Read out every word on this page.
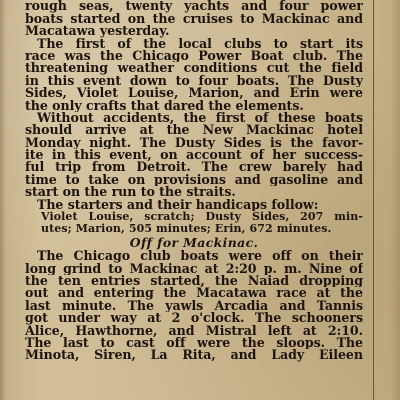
rough seas, twenty yachts and four power
boats started on the cruises to Mackinac and
Macatawa yesterday.
The first of the local clubs to start its
race was the Chicago Power Boat club. The
threatening weather conditions cut the field
in this event down to four boats. The Dusty
Sides, Violet Louise, Marion, and Erin were
the only crafts that dared the elements.
Without accidents, the first of these boats
should arrive at the New Mackinac hotel
Monday night. The Dusty Sides is the favor-
ite in this event, on account of her success-
ful trip from Detroit. The crew barely had
time to take on provisions and gasoline and
start on the run to the straits.
The starters and their handicaps follow:
Violet Louise, scratch; Dusty Sides, 207 min-
utes; Marion, 505 minutes; Erin, 672 minutes.
Off for Mackinac.
The Chicago club boats were off on their
long grind to Mackinac at 2:20 p. m. Nine of
the ten entries started, the Naiad dropping
out and entering the Macatawa race at the
last minute. The yawls Arcadia and Tannis
got under way at 2 o'clock. The schooners
Alice, Hawthorne, and Mistral left at 2:10.
The last to cast off were the sloops. The
Minota, Siren, La Rita, and Lady Eileen
